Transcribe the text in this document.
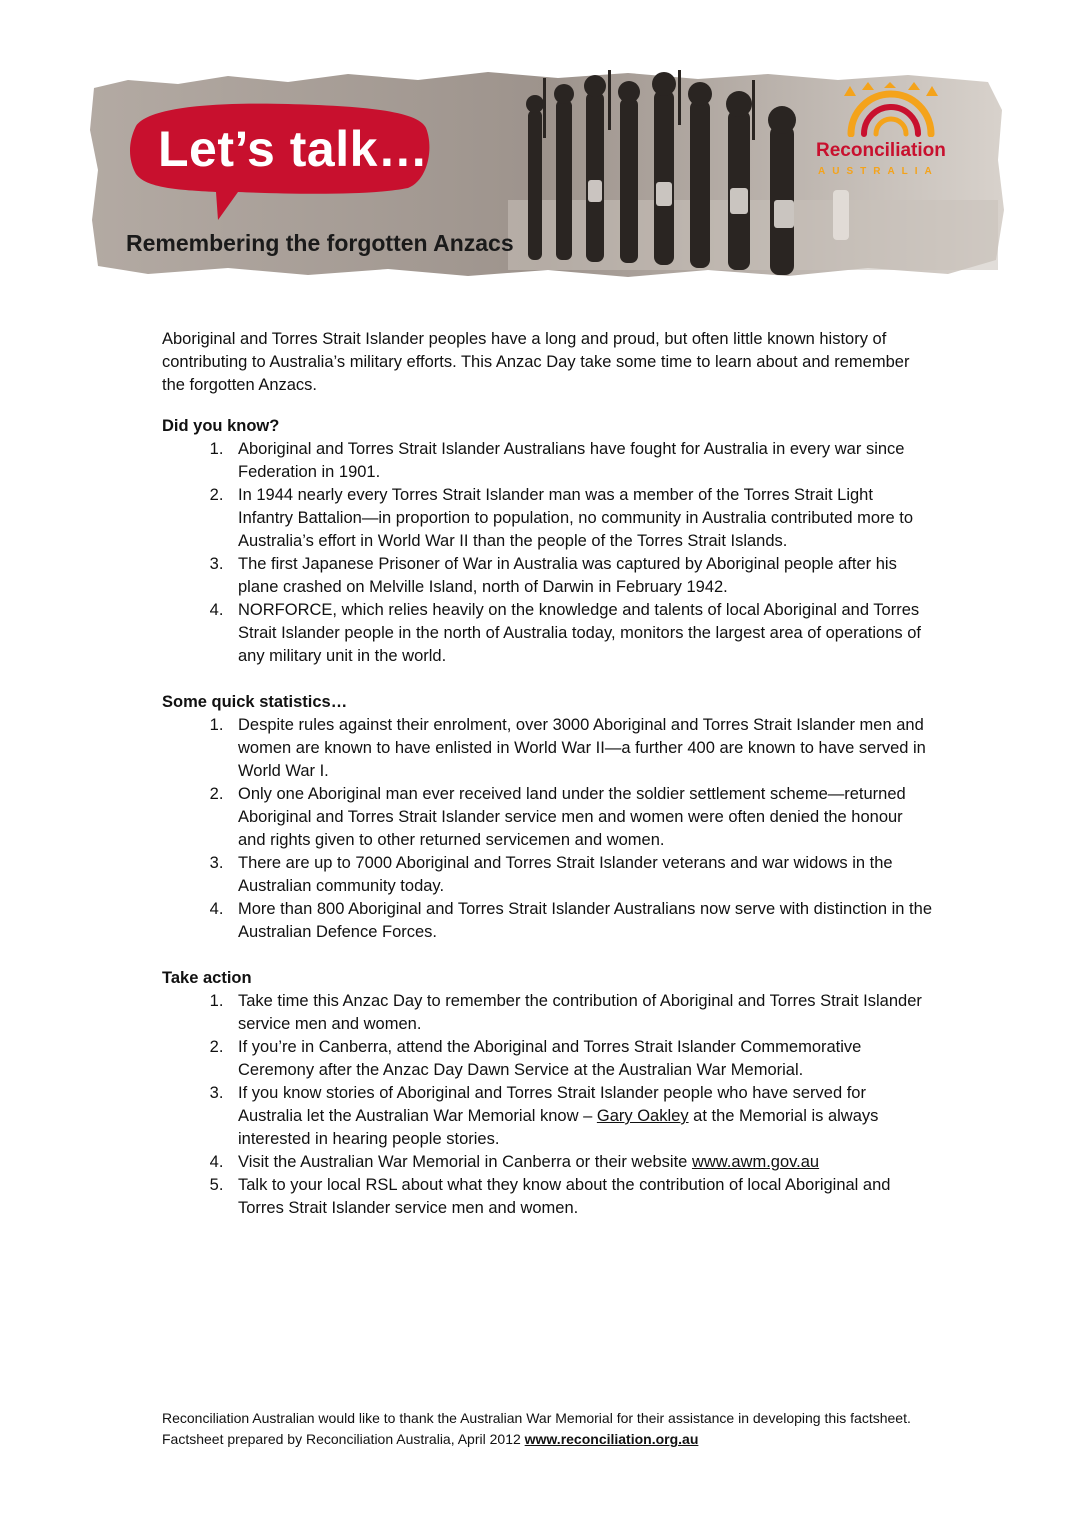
Let’s talk…
Remembering the forgotten Anzacs
Reconciliation
AUSTRALIA

Aboriginal and Torres Strait Islander peoples have a long and proud, but often little known history of contributing to Australia’s military efforts. This Anzac Day take some time to learn about and remember the forgotten Anzacs.

Did you know?
1. Aboriginal and Torres Strait Islander Australians have fought for Australia in every war since Federation in 1901.
2. In 1944 nearly every Torres Strait Islander man was a member of the Torres Strait Light Infantry Battalion—in proportion to population, no community in Australia contributed more to Australia’s effort in World War II than the people of the Torres Strait Islands.
3. The first Japanese Prisoner of War in Australia was captured by Aboriginal people after his plane crashed on Melville Island, north of Darwin in February 1942.
4. NORFORCE, which relies heavily on the knowledge and talents of local Aboriginal and Torres Strait Islander people in the north of Australia today, monitors the largest area of operations of any military unit in the world.
Some quick statistics…
1. Despite rules against their enrolment, over 3000 Aboriginal and Torres Strait Islander men and women are known to have enlisted in World War II—a further 400 are known to have served in World War I.
2. Only one Aboriginal man ever received land under the soldier settlement scheme—returned Aboriginal and Torres Strait Islander service men and women were often denied the honour and rights given to other returned servicemen and women.
3. There are up to 7000 Aboriginal and Torres Strait Islander veterans and war widows in the Australian community today.
4. More than 800 Aboriginal and Torres Strait Islander Australians now serve with distinction in the Australian Defence Forces.
Take action
1. Take time this Anzac Day to remember the contribution of Aboriginal and Torres Strait Islander service men and women.
2. If you’re in Canberra, attend the Aboriginal and Torres Strait Islander Commemorative Ceremony after the Anzac Day Dawn Service at the Australian War Memorial.
3. If you know stories of Aboriginal and Torres Strait Islander people who have served for Australia let the Australian War Memorial know – Gary Oakley at the Memorial is always interested in hearing people stories.
4. Visit the Australian War Memorial in Canberra or their website www.awm.gov.au
5. Talk to your local RSL about what they know about the contribution of local Aboriginal and Torres Strait Islander service men and women.

Reconciliation Australian would like to thank the Australian War Memorial for their assistance in developing this factsheet.

Factsheet prepared by Reconciliation Australia, April 2012 www.reconciliation.org.au
